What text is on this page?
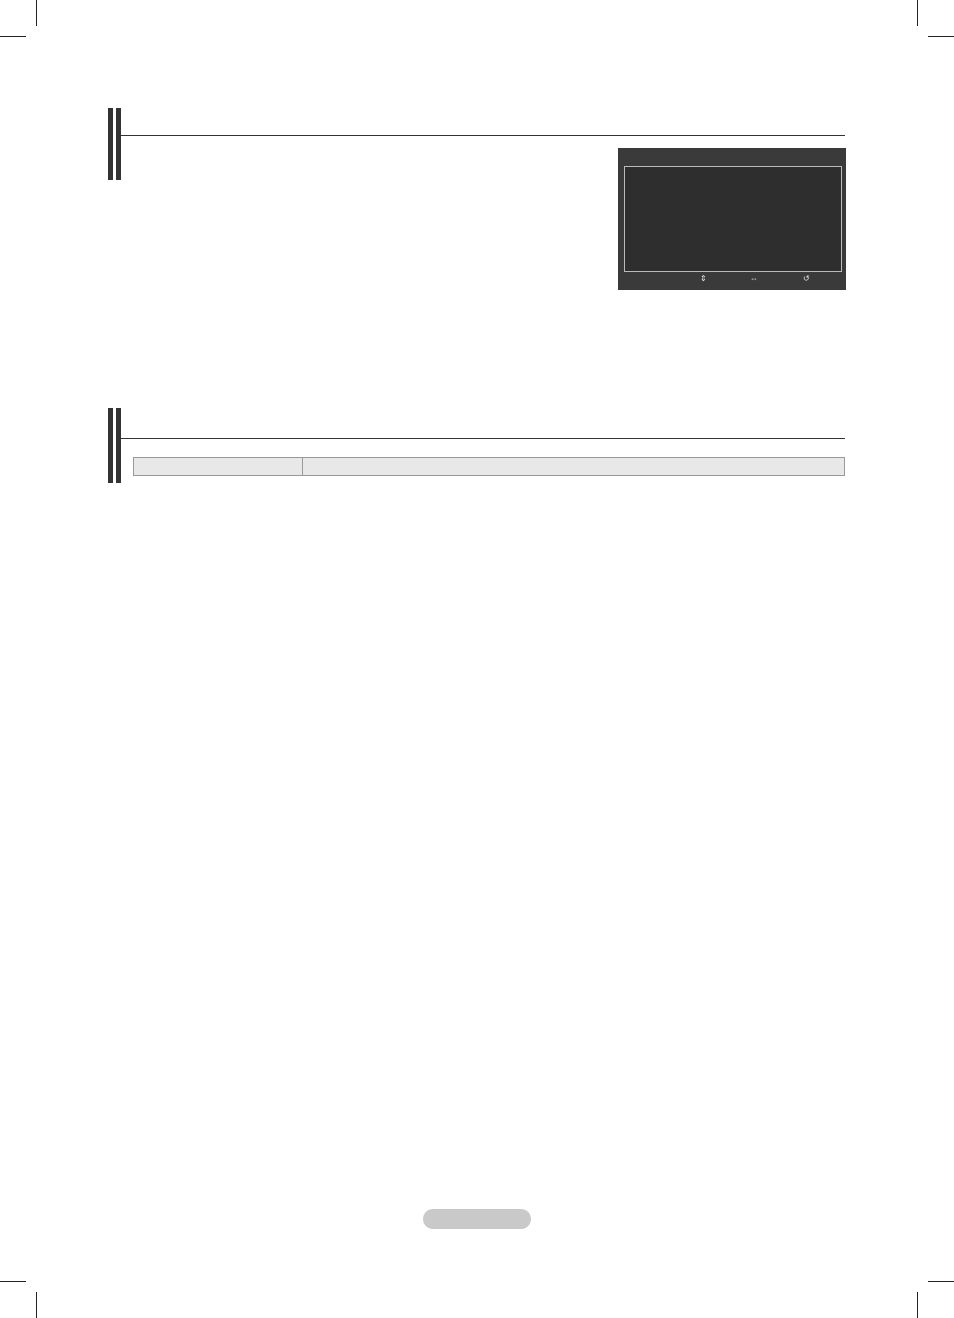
⇕	⇔	↺
